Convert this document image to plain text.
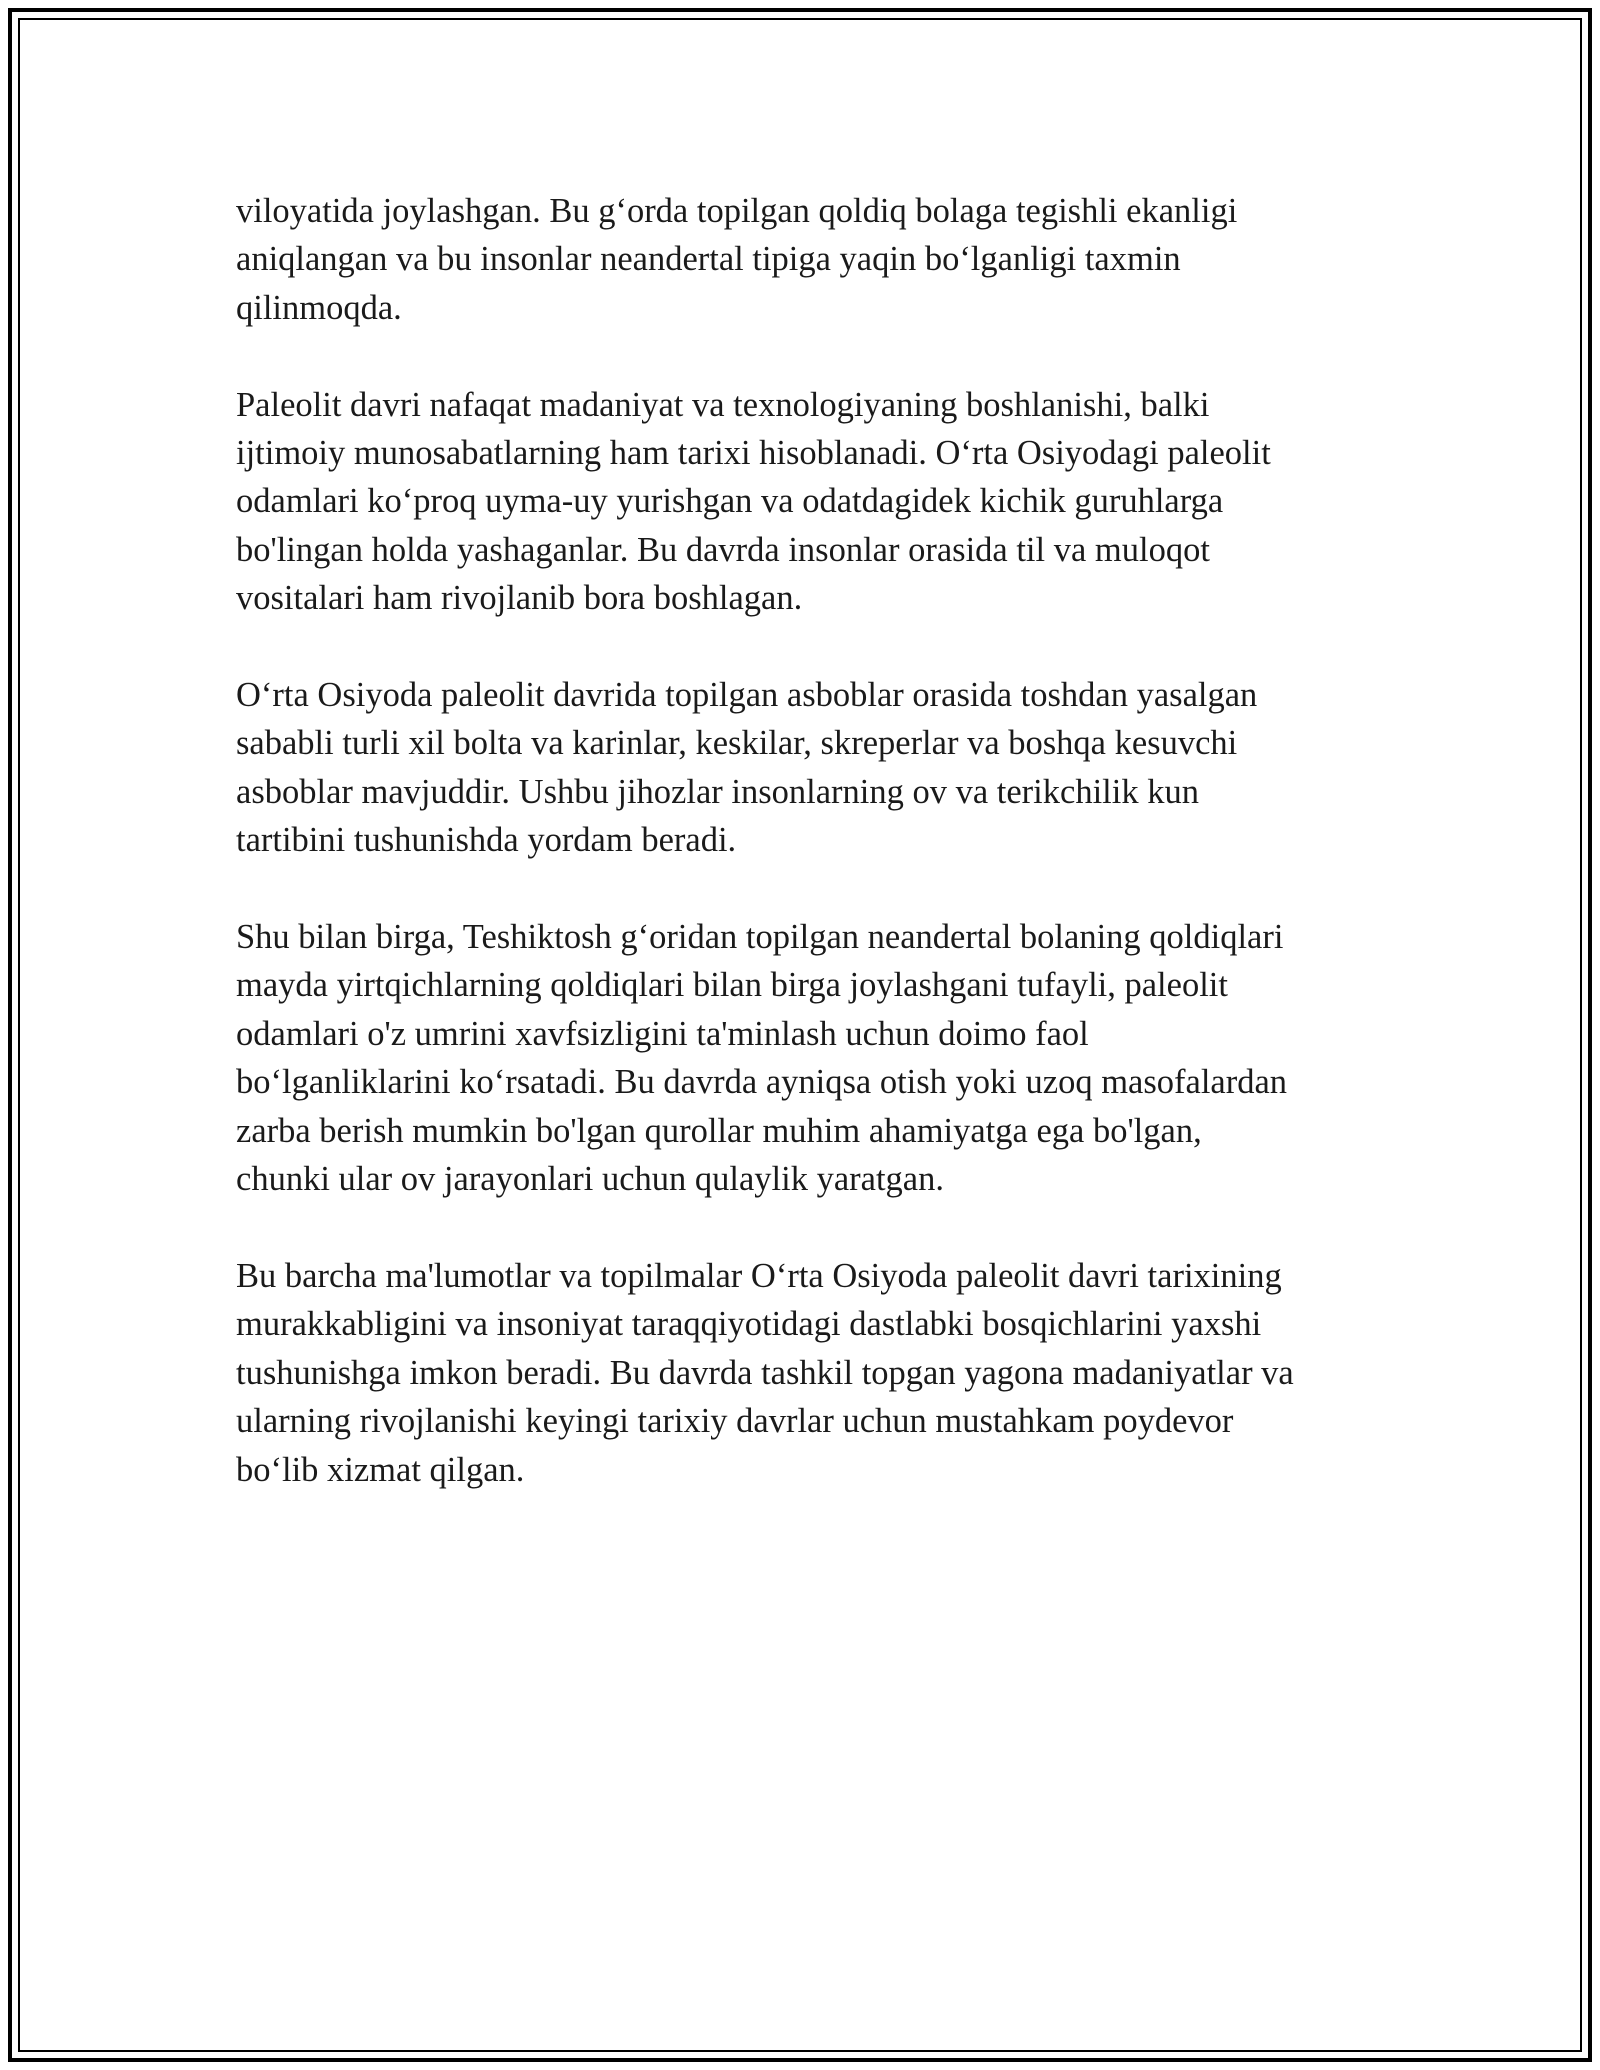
viloyatida joylashgan. Bu g‘orda topilgan qoldiq bolaga tegishli ekanligi
aniqlangan va bu insonlar neandertal tipiga yaqin bo‘lganligi taxmin
qilinmoqda.

Paleolit davri nafaqat madaniyat va texnologiyaning boshlanishi, balki
ijtimoiy munosabatlarning ham tarixi hisoblanadi. O‘rta Osiyodagi paleolit
odamlari ko‘proq uyma-uy yurishgan va odatdagidek kichik guruhlarga
bo'lingan holda yashaganlar. Bu davrda insonlar orasida til va muloqot
vositalari ham rivojlanib bora boshlagan.

O‘rta Osiyoda paleolit davrida topilgan asboblar orasida toshdan yasalgan
sababli turli xil bolta va karinlar, keskilar, skreperlar va boshqa kesuvchi
asboblar mavjuddir. Ushbu jihozlar insonlarning ov va terikchilik kun
tartibini tushunishda yordam beradi.

Shu bilan birga, Teshiktosh g‘oridan topilgan neandertal bolaning qoldiqlari
mayda yirtqichlarning qoldiqlari bilan birga joylashgani tufayli, paleolit
odamlari o'z umrini xavfsizligini ta'minlash uchun doimo faol
bo‘lganliklarini ko‘rsatadi. Bu davrda ayniqsa otish yoki uzoq masofalardan
zarba berish mumkin bo'lgan qurollar muhim ahamiyatga ega bo'lgan,
chunki ular ov jarayonlari uchun qulaylik yaratgan.

Bu barcha ma'lumotlar va topilmalar O‘rta Osiyoda paleolit davri tarixining
murakkabligini va insoniyat taraqqiyotidagi dastlabki bosqichlarini yaxshi
tushunishga imkon beradi. Bu davrda tashkil topgan yagona madaniyatlar va
ularning rivojlanishi keyingi tarixiy davrlar uchun mustahkam poydevor
bo‘lib xizmat qilgan.
